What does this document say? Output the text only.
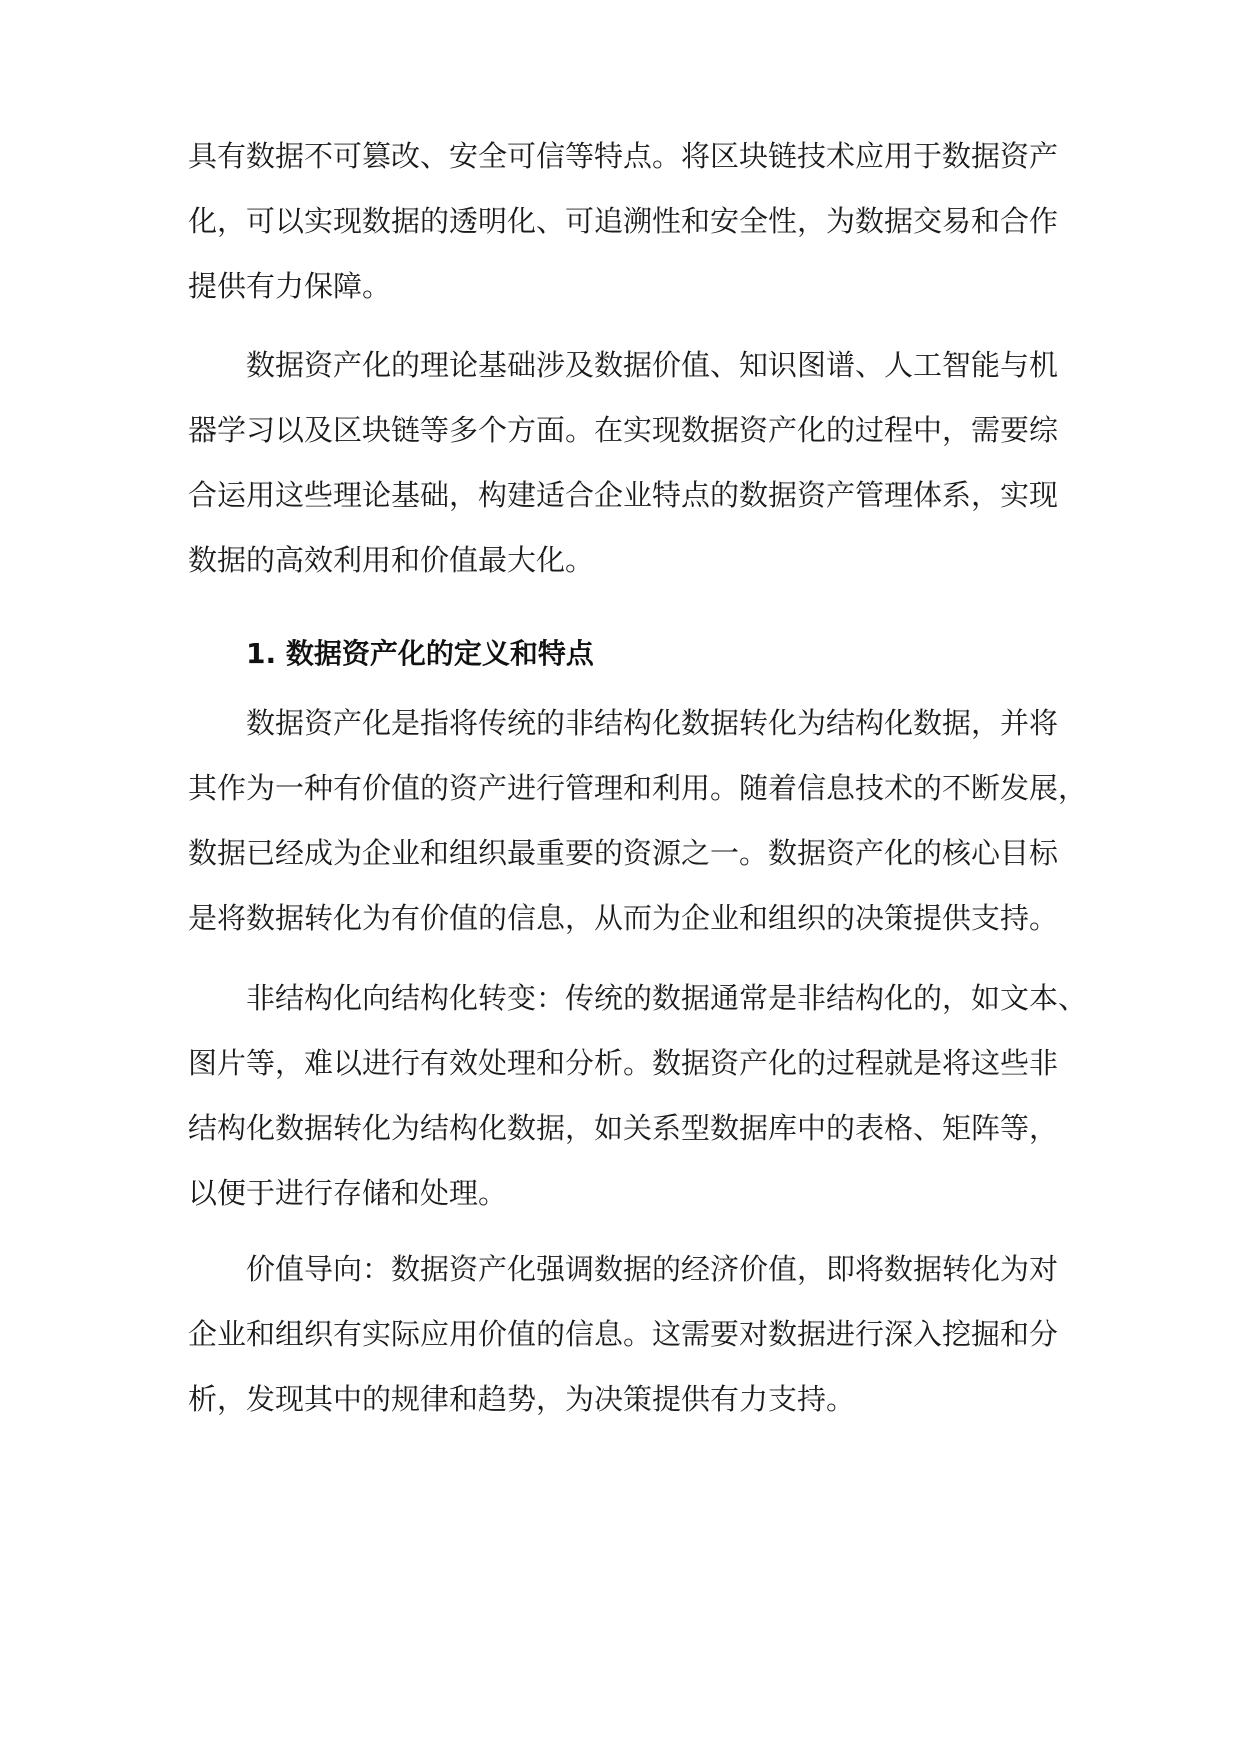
具有数据不可篡改、安全可信等特点。将区块链技术应用于数据资产
化，可以实现数据的透明化、可追溯性和安全性，为数据交易和合作
提供有力保障。
数据资产化的理论基础涉及数据价值、知识图谱、人工智能与机
器学习以及区块链等多个方面。在实现数据资产化的过程中，需要综
合运用这些理论基础，构建适合企业特点的数据资产管理体系，实现
数据的高效利用和价值最大化。
1. 数据资产化的定义和特点
数据资产化是指将传统的非结构化数据转化为结构化数据，并将
其作为一种有价值的资产进行管理和利用。随着信息技术的不断发展，
数据已经成为企业和组织最重要的资源之一。数据资产化的核心目标
是将数据转化为有价值的信息，从而为企业和组织的决策提供支持。
非结构化向结构化转变：传统的数据通常是非结构化的，如文本、
图片等，难以进行有效处理和分析。数据资产化的过程就是将这些非
结构化数据转化为结构化数据，如关系型数据库中的表格、矩阵等，
以便于进行存储和处理。
价值导向：数据资产化强调数据的经济价值，即将数据转化为对
企业和组织有实际应用价值的信息。这需要对数据进行深入挖掘和分
析，发现其中的规律和趋势，为决策提供有力支持。
